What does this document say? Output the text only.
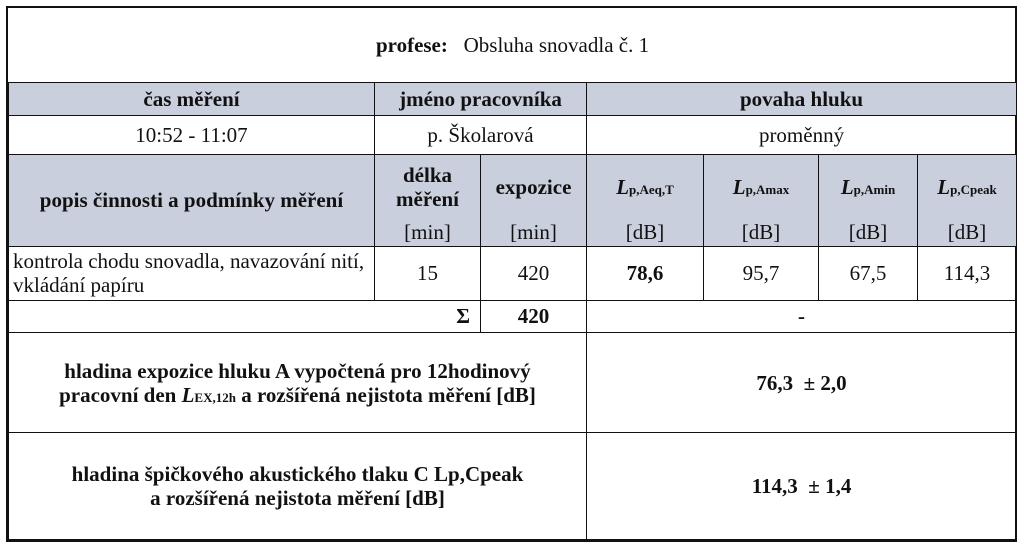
profese: Obsluha snovadla č. 1						
čas měření	jméno pracovníka		povaha hluku			
10:52 - 11:07	p. Školarová		proměnný			
popis činnosti a podmínky měření	délka měření	expozice	Lp,Aeq,T	Lp,Amax	Lp,Amin	Lp,Cpeak
	[min]	[min]	[dB]	[dB]	[dB]	[dB]
kontrola chodu snovadla, navazování nití, vkládání papíru	15	420	78,6	95,7	67,5	114,3
Σ		420	-			
hladina expozice hluku A vypočtená pro 12hodinový
pracovní den LEX,12h a rozšířená nejistota měření [dB]			76,3 ± 2,0			
hladina špičkového akustického tlaku C Lp,Cpeak
a rozšířená nejistota měření [dB]			114,3 ± 1,4			
